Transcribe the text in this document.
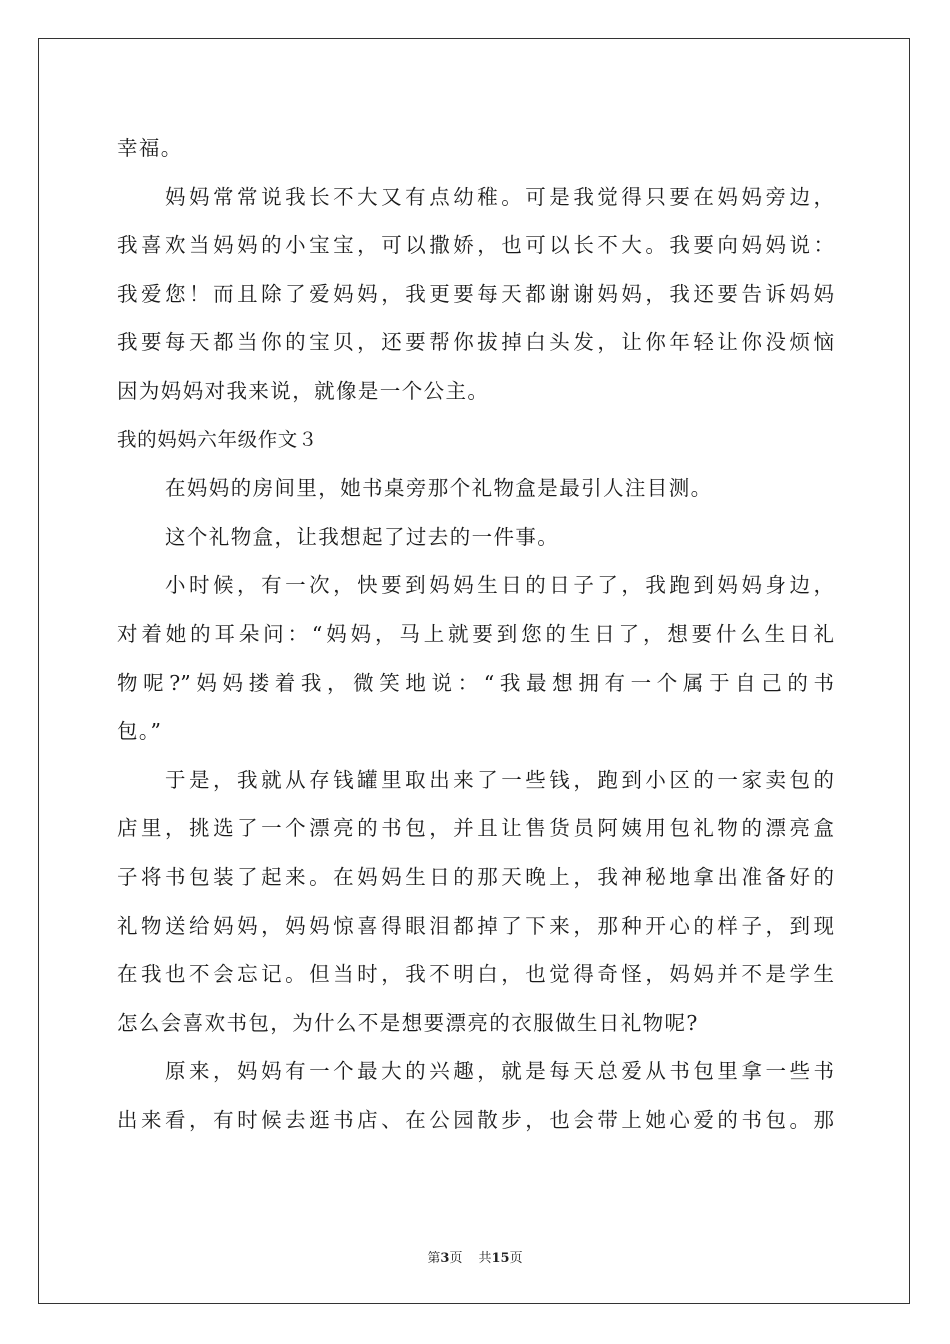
幸福。
妈妈常常说我长不大又有点幼稚。可是我觉得只要在妈妈旁边，
我喜欢当妈妈的小宝宝，可以撒娇，也可以长不大。我要向妈妈说：
我爱您！而且除了爱妈妈，我更要每天都谢谢妈妈，我还要告诉妈妈
我要每天都当你的宝贝，还要帮你拔掉白头发，让你年轻让你没烦恼
因为妈妈对我来说，就像是一个公主。
我的妈妈六年级作文３
在妈妈的房间里，她书桌旁那个礼物盒是最引人注目测。
这个礼物盒，让我想起了过去的一件事。
小时候，有一次，快要到妈妈生日的日子了，我跑到妈妈身边，
对着她的耳朵问：“妈妈，马上就要到您的生日了，想要什么生日礼
物呢?”妈妈搂着我，微笑地说：“我最想拥有一个属于自己的书
包。”
于是，我就从存钱罐里取出来了一些钱，跑到小区的一家卖包的
店里，挑选了一个漂亮的书包，并且让售货员阿姨用包礼物的漂亮盒
子将书包装了起来。在妈妈生日的那天晚上，我神秘地拿出准备好的
礼物送给妈妈，妈妈惊喜得眼泪都掉了下来，那种开心的样子，到现
在我也不会忘记。但当时，我不明白，也觉得奇怪，妈妈并不是学生
怎么会喜欢书包，为什么不是想要漂亮的衣服做生日礼物呢?
原来，妈妈有一个最大的兴趣，就是每天总爱从书包里拿一些书
出来看，有时候去逛书店、在公园散步，也会带上她心爱的书包。那
第3页 共15页
